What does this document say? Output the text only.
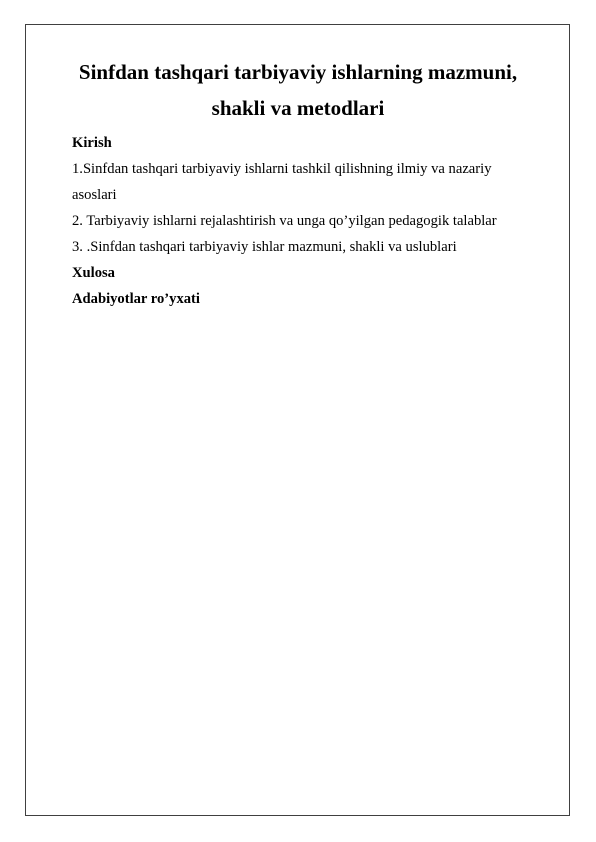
Sinfdan tashqari tarbiyaviy ishlarning mazmuni,
shakli va metodlari
Kirish
1.Sinfdan tashqari tarbiyaviy ishlarni tashkil qilishning ilmiy va nazariy
asoslari
2. Tarbiyaviy ishlarni rejalashtirish va unga qo’yilgan pedagogik talablar
3. .Sinfdan tashqari tarbiyaviy ishlar mazmuni, shakli va uslublari
Xulosa
Adabiyotlar ro’yxati
